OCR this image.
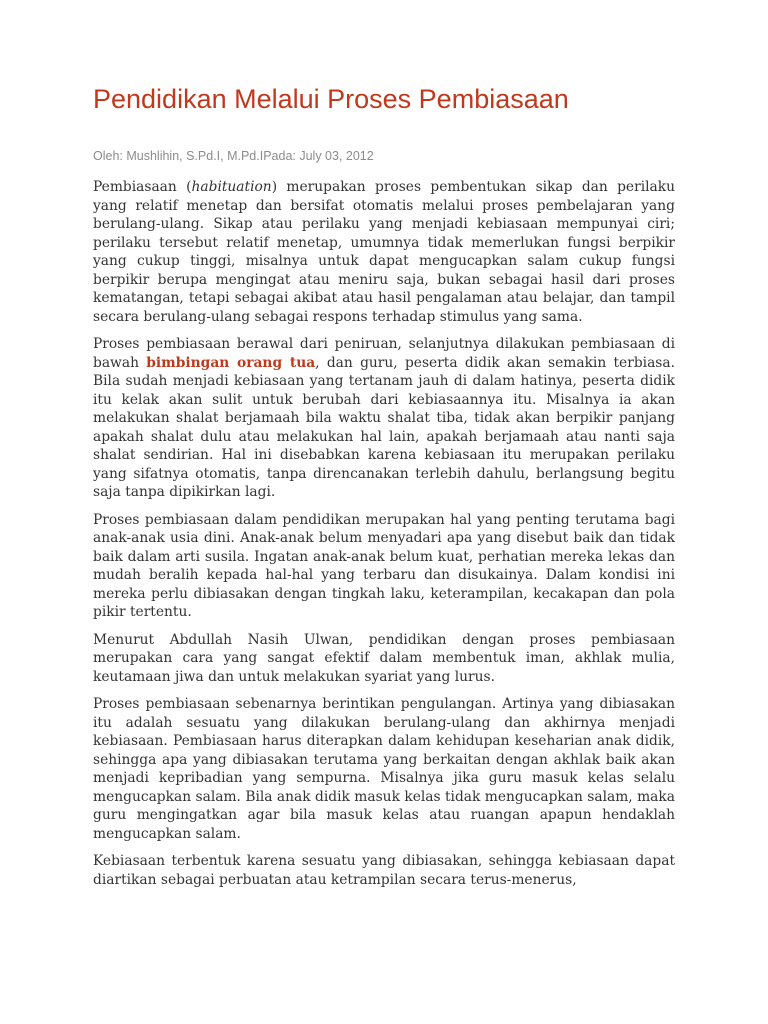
Pendidikan Melalui Proses Pembiasaan
Oleh: Mushlihin, S.Pd.I, M.Pd.IPada: July 03, 2012

Pembiasaan (habituation) merupakan proses pembentukan sikap dan perilaku yang relatif menetap dan bersifat otomatis melalui proses pembelajaran yang berulang-ulang. Sikap atau perilaku yang menjadi kebiasaan mempunyai ciri; perilaku tersebut relatif menetap, umumnya tidak memerlukan fungsi berpikir yang cukup tinggi, misalnya untuk dapat mengucapkan salam cukup fungsi berpikir berupa mengingat atau meniru saja, bukan sebagai hasil dari proses kematangan, tetapi sebagai akibat atau hasil pengalaman atau belajar, dan tampil secara berulang-ulang sebagai respons terhadap stimulus yang sama.

Proses pembiasaan berawal dari peniruan, selanjutnya dilakukan pembiasaan di bawah bimbingan orang tua, dan guru, peserta didik akan semakin terbiasa. Bila sudah menjadi kebiasaan yang tertanam jauh di dalam hatinya, peserta didik itu kelak akan sulit untuk berubah dari kebiasaannya itu. Misalnya ia akan melakukan shalat berjamaah bila waktu shalat tiba, tidak akan berpikir panjang apakah shalat dulu atau melakukan hal lain, apakah berjamaah atau nanti saja shalat sendirian. Hal ini disebabkan karena kebiasaan itu merupakan perilaku yang sifatnya otomatis, tanpa direncanakan terlebih dahulu, berlangsung begitu saja tanpa dipikirkan lagi.

Proses pembiasaan dalam pendidikan merupakan hal yang penting terutama bagi anak-anak usia dini. Anak-anak belum menyadari apa yang disebut baik dan tidak baik dalam arti susila. Ingatan anak-anak belum kuat, perhatian mereka lekas dan mudah beralih kepada hal-hal yang terbaru dan disukainya. Dalam kondisi ini mereka perlu dibiasakan dengan tingkah laku, keterampilan, kecakapan dan pola pikir tertentu.

Menurut Abdullah Nasih Ulwan, pendidikan dengan proses pembiasaan merupakan cara yang sangat efektif dalam membentuk iman, akhlak mulia, keutamaan jiwa dan untuk melakukan syariat yang lurus.

Proses pembiasaan sebenarnya berintikan pengulangan. Artinya yang dibiasakan itu adalah sesuatu yang dilakukan berulang-ulang dan akhirnya menjadi kebiasaan. Pembiasaan harus diterapkan dalam kehidupan keseharian anak didik, sehingga apa yang dibiasakan terutama yang berkaitan dengan akhlak baik akan menjadi kepribadian yang sempurna. Misalnya jika guru masuk kelas selalu mengucapkan salam. Bila anak didik masuk kelas tidak mengucapkan salam, maka guru mengingatkan agar bila masuk kelas atau ruangan apapun hendaklah mengucapkan salam.

Kebiasaan terbentuk karena sesuatu yang dibiasakan, sehingga kebiasaan dapat diartikan sebagai perbuatan atau ketrampilan secara terus-menerus,
